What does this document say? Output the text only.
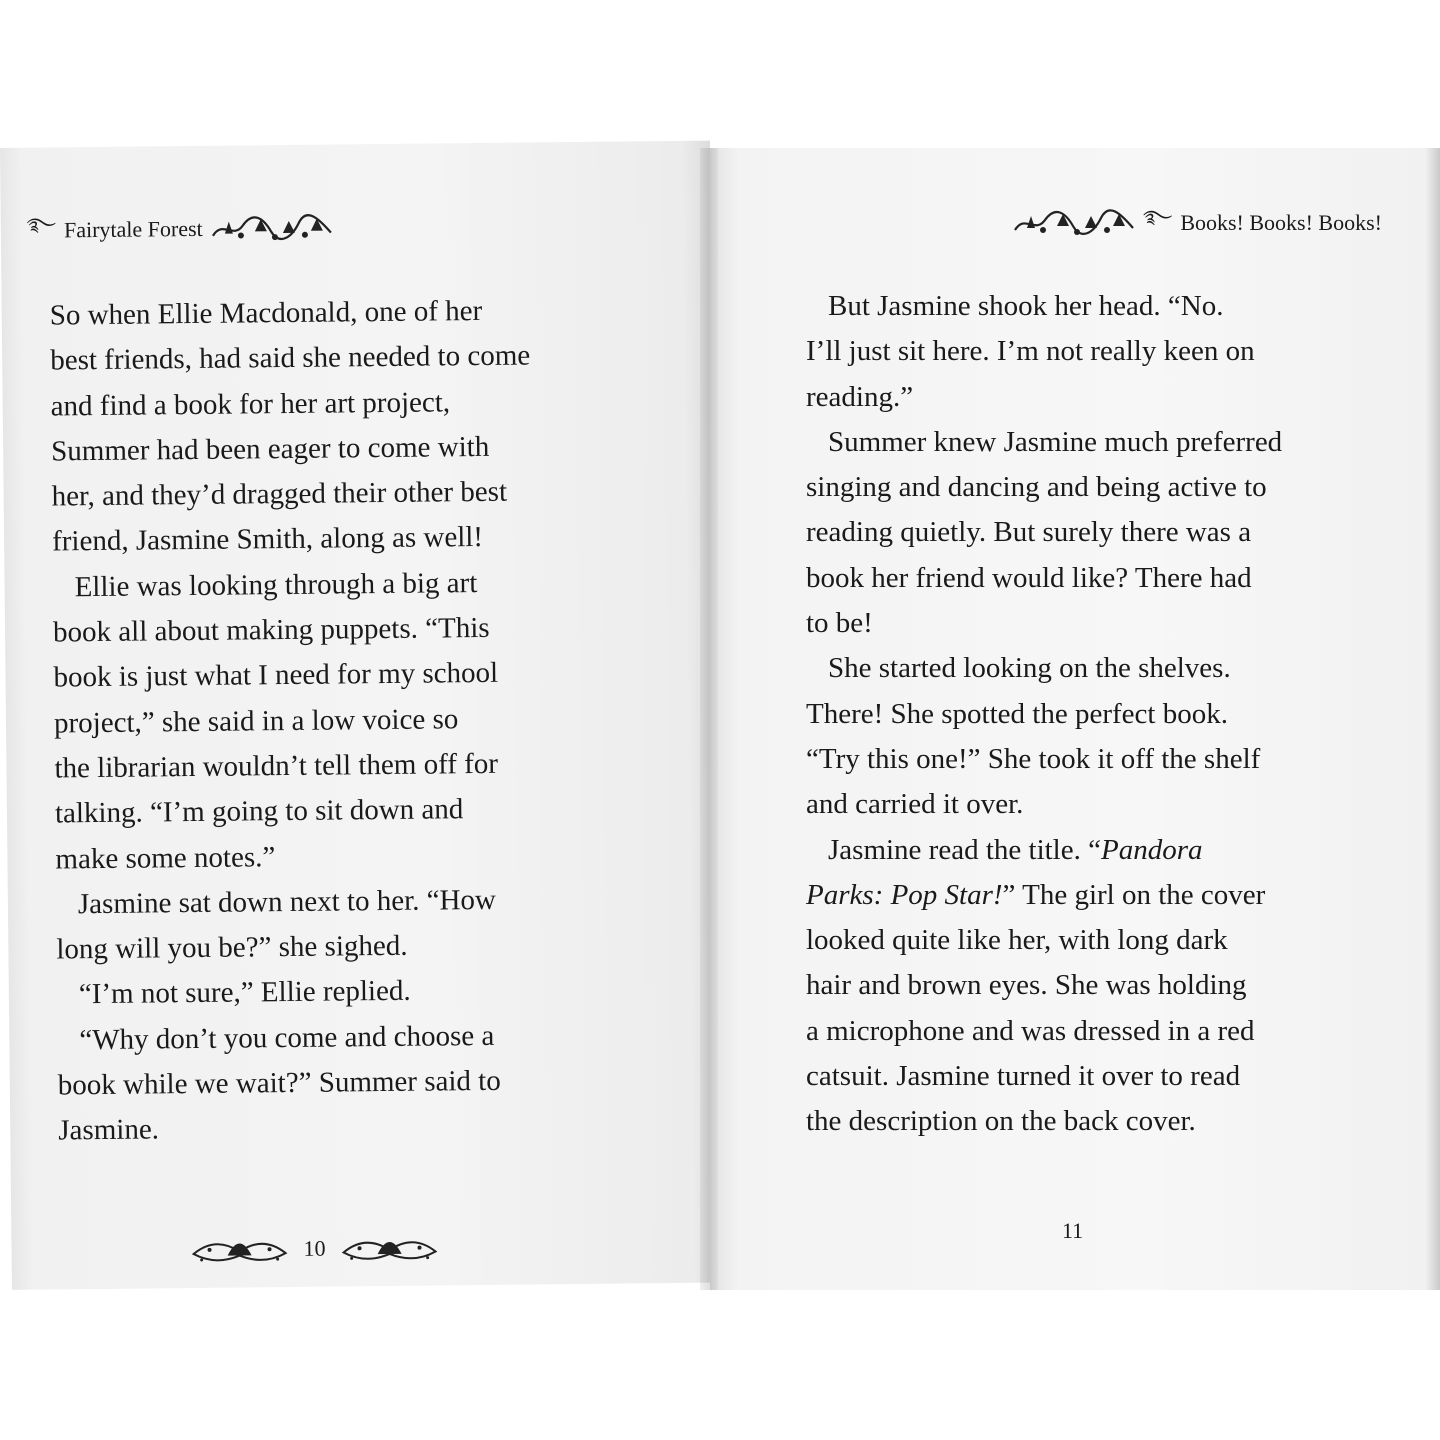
࿐ Fairytale Forest

So when Ellie Macdonald, one of her

best friends, had said she needed to come

and find a book for her art project,

Summer had been eager to come with

her, and they’d dragged their other best

friend, Jasmine Smith, along as well!

Ellie was looking through a big art

book all about making puppets. “This

book is just what I need for my school

project,” she said in a low voice so

the librarian wouldn’t tell them off for

talking. “I’m going to sit down and

make some notes.”

Jasmine sat down next to her. “How

long will you be?” she sighed.

“I’m not sure,” Ellie replied.

“Why don’t you come and choose a

book while we wait?” Summer said to

Jasmine.

10
࿐ Books! Books! Books!

But Jasmine shook her head. “No.

I’ll just sit here. I’m not really keen on

reading.”

Summer knew Jasmine much preferred

singing and dancing and being active to

reading quietly. But surely there was a

book her friend would like? There had

to be!

She started looking on the shelves.

There! She spotted the perfect book.

“Try this one!” She took it off the shelf

and carried it over.

Jasmine read the title. “Pandora

Parks: Pop Star!” The girl on the cover

looked quite like her, with long dark

hair and brown eyes. She was holding

a microphone and was dressed in a red

catsuit. Jasmine turned it over to read

the description on the back cover.

11
